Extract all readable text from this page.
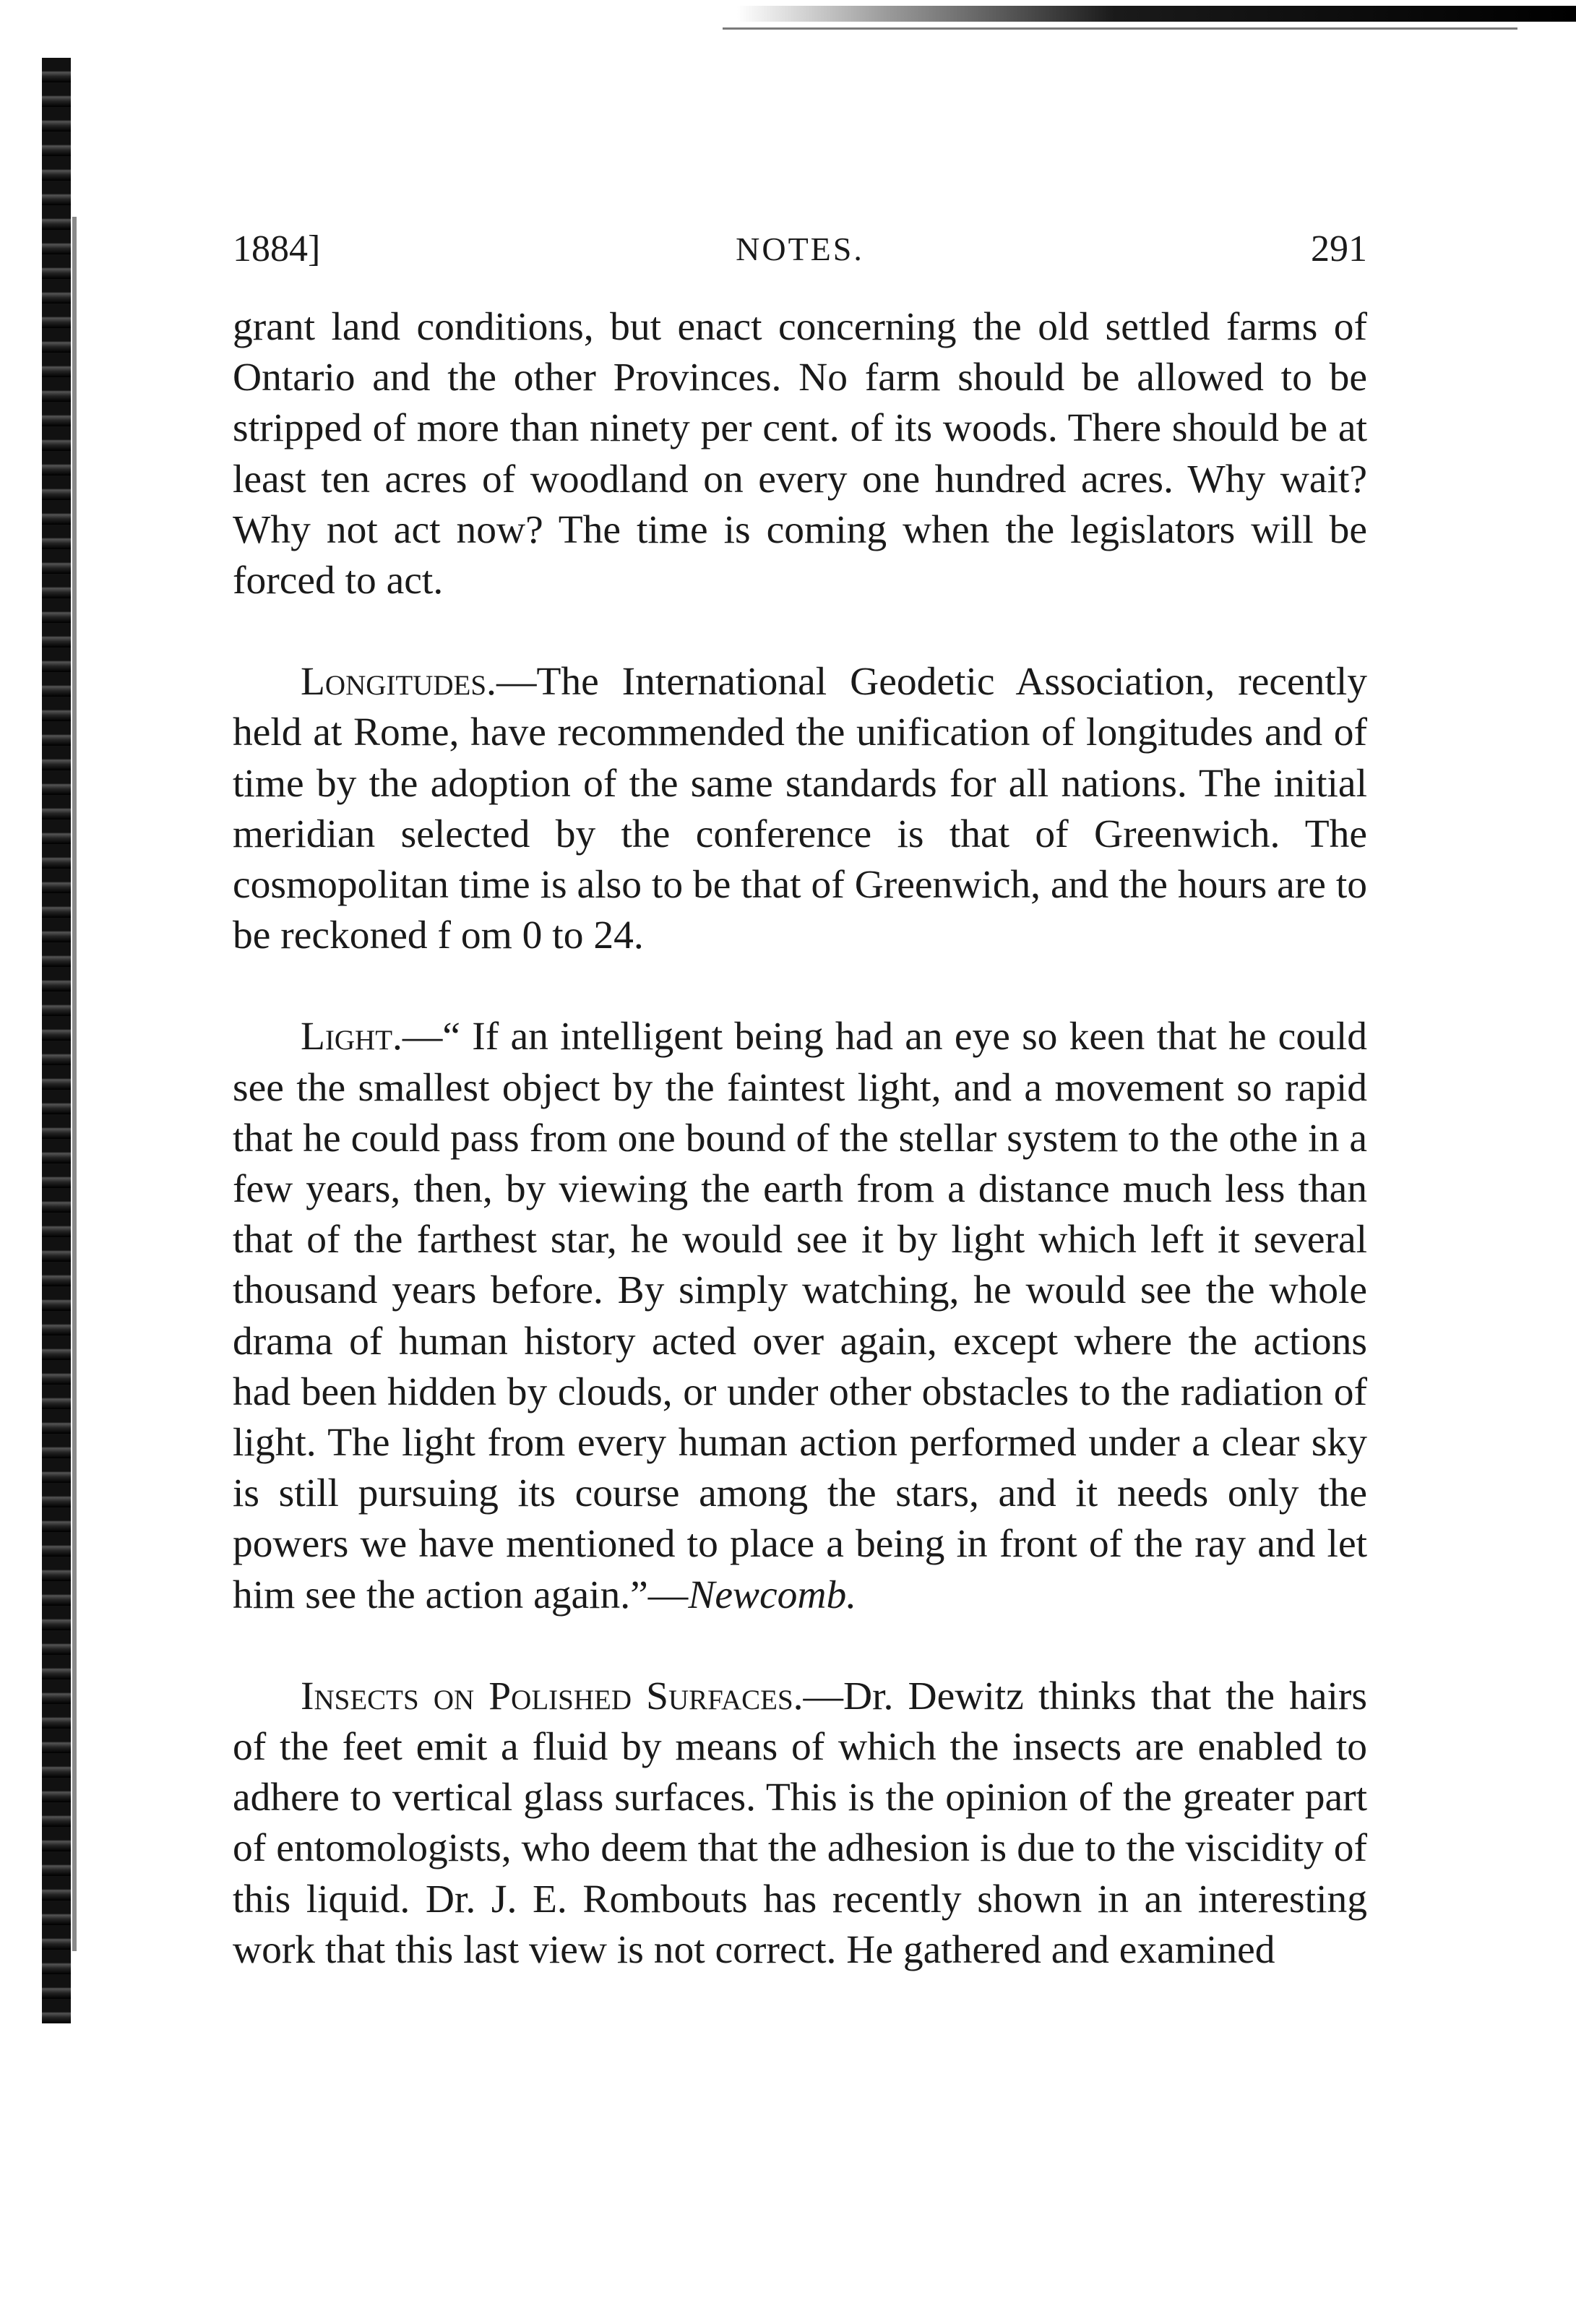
1884]	NOTES.	291

grant land conditions, but enact concerning the old settled farms of Ontario and the other Provinces. No farm should be allowed to be stripped of more than ninety per cent. of its woods. There should be at least ten acres of woodland on every one hundred acres. Why wait? Why not act now? The time is coming when the legislators will be forced to act.

Longitudes.—The International Geodetic Association, recently held at Rome, have recommended the unification of longitudes and of time by the adoption of the same standards for all nations. The initial meridian selected by the conference is that of Greenwich. The cosmopolitan time is also to be that of Greenwich, and the hours are to be reckoned f om 0 to 24.

Light.—“ If an intelligent being had an eye so keen that he could see the smallest object by the faintest light, and a movement so rapid that he could pass from one bound of the stellar system to the othe in a few years, then, by viewing the earth from a distance much less than that of the farthest star, he would see it by light which left it several thousand years before. By simply watching, he would see the whole drama of human history acted over again, except where the actions had been hidden by clouds, or under other obstacles to the radiation of light. The light from every human action performed under a clear sky is still pursuing its course among the stars, and it needs only the powers we have mentioned to place a being in front of the ray and let him see the action again.”—Newcomb.

Insects on Polished Surfaces.—Dr. Dewitz thinks that the hairs of the feet emit a fluid by means of which the insects are enabled to adhere to vertical glass surfaces. This is the opinion of the greater part of entomologists, who deem that the adhesion is due to the viscidity of this liquid. Dr. J. E. Rombouts has recently shown in an interesting work that this last view is not correct. He gathered and examined
